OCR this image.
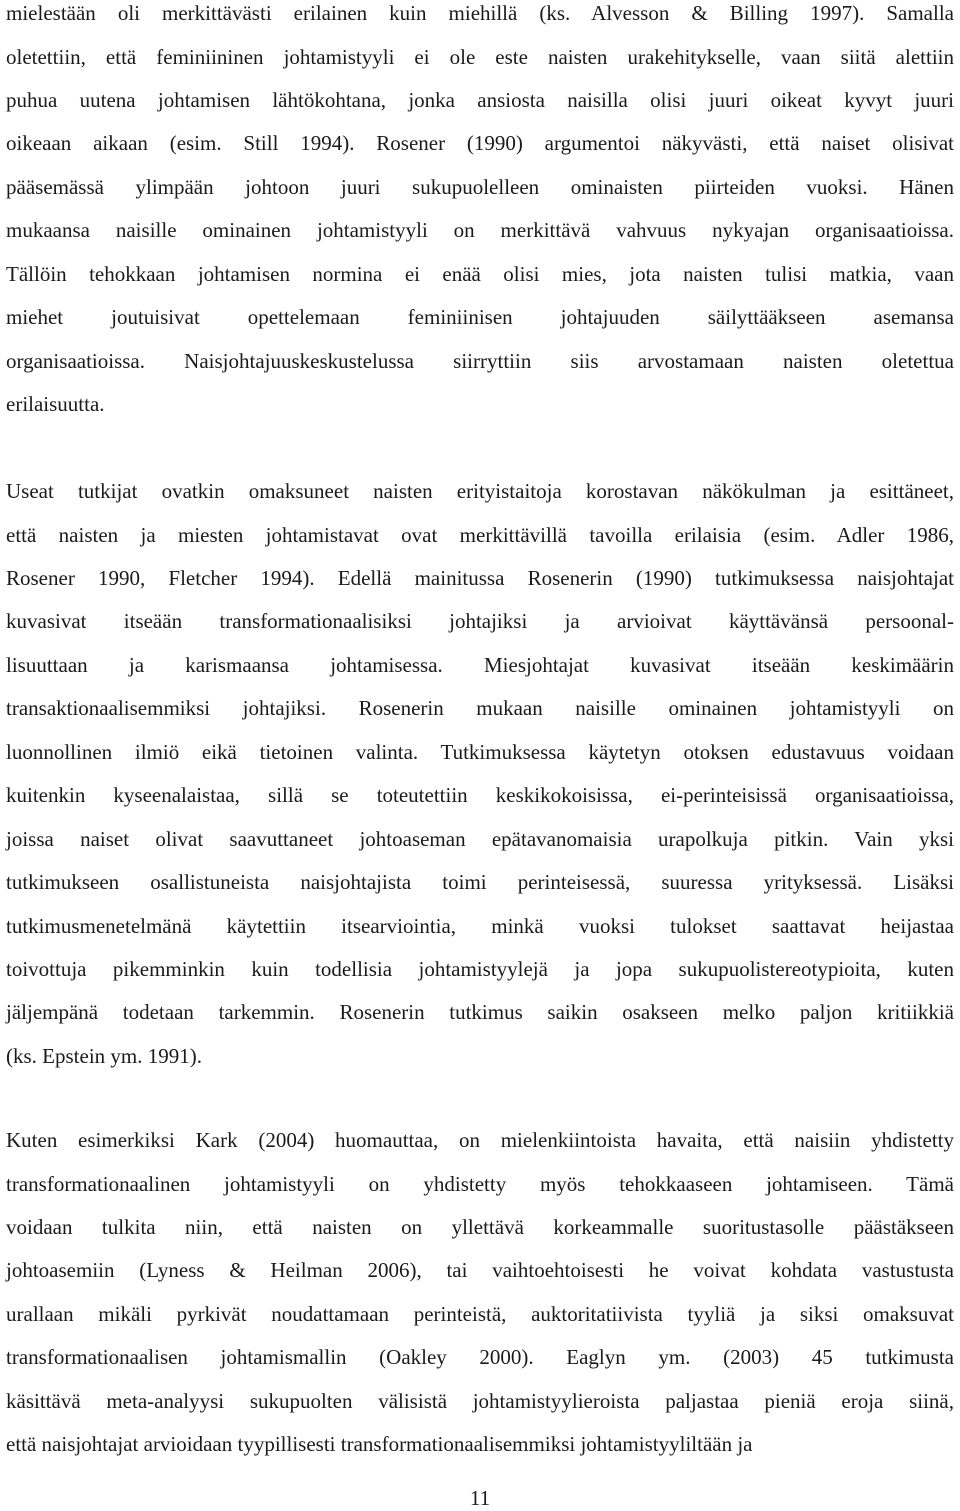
mielestään oli merkittävästi erilainen kuin miehillä (ks. Alvesson & Billing 1997). Samalla
oletettiin, että feminiininen johtamistyyli ei ole este naisten urakehitykselle, vaan siitä alettiin
puhua uutena johtamisen lähtökohtana, jonka ansiosta naisilla olisi juuri oikeat kyvyt juuri
oikeaan aikaan (esim. Still 1994). Rosener (1990) argumentoi näkyvästi, että naiset olisivat
pääsemässä ylimpään johtoon juuri sukupuolelleen ominaisten piirteiden vuoksi. Hänen
mukaansa naisille ominainen johtamistyyli on merkittävä vahvuus nykyajan organisaatioissa.
Tällöin tehokkaan johtamisen normina ei enää olisi mies, jota naisten tulisi matkia, vaan
miehet joutuisivat opettelemaan feminiinisen johtajuuden säilyttääkseen asemansa
organisaatioissa. Naisjohtajuuskeskustelussa siirryttiin siis arvostamaan naisten oletettua
erilaisuutta.
Useat tutkijat ovatkin omaksuneet naisten erityistaitoja korostavan näkökulman ja esittäneet,
että naisten ja miesten johtamistavat ovat merkittävillä tavoilla erilaisia (esim. Adler 1986,
Rosener 1990, Fletcher 1994). Edellä mainitussa Rosenerin (1990) tutkimuksessa naisjohtajat
kuvasivat itseään transformationaalisiksi johtajiksi ja arvioivat käyttävänsä persoonal-
lisuuttaan ja karismaansa johtamisessa. Miesjohtajat kuvasivat itseään keskimäärin
transaktionaalisemmiksi johtajiksi. Rosenerin mukaan naisille ominainen johtamistyyli on
luonnollinen ilmiö eikä tietoinen valinta. Tutkimuksessa käytetyn otoksen edustavuus voidaan
kuitenkin kyseenalaistaa, sillä se toteutettiin keskikokoisissa, ei-perinteisissä organisaatioissa,
joissa naiset olivat saavuttaneet johtoaseman epätavanomaisia urapolkuja pitkin. Vain yksi
tutkimukseen osallistuneista naisjohtajista toimi perinteisessä, suuressa yrityksessä. Lisäksi
tutkimusmenetelmänä käytettiin itsearviointia, minkä vuoksi tulokset saattavat heijastaa
toivottuja pikemminkin kuin todellisia johtamistyylejä ja jopa sukupuolistereotypioita, kuten
jäljempänä todetaan tarkemmin. Rosenerin tutkimus saikin osakseen melko paljon kritiikkiä
(ks. Epstein ym. 1991).
Kuten esimerkiksi Kark (2004) huomauttaa, on mielenkiintoista havaita, että naisiin yhdistetty
transformationaalinen johtamistyyli on yhdistetty myös tehokkaaseen johtamiseen. Tämä
voidaan tulkita niin, että naisten on yllettävä korkeammalle suoritustasolle päästäkseen
johtoasemiin (Lyness & Heilman 2006), tai vaihtoehtoisesti he voivat kohdata vastustusta
urallaan mikäli pyrkivät noudattamaan perinteistä, auktoritatiivista tyyliä ja siksi omaksuvat
transformationaalisen johtamismallin (Oakley 2000). Eaglyn ym. (2003) 45 tutkimusta
käsittävä meta-analyysi sukupuolten välisistä johtamistyylieroista paljastaa pieniä eroja siinä,
että naisjohtajat arvioidaan tyypillisesti transformationaalisemmiksi johtamistyyliltään ja
11
